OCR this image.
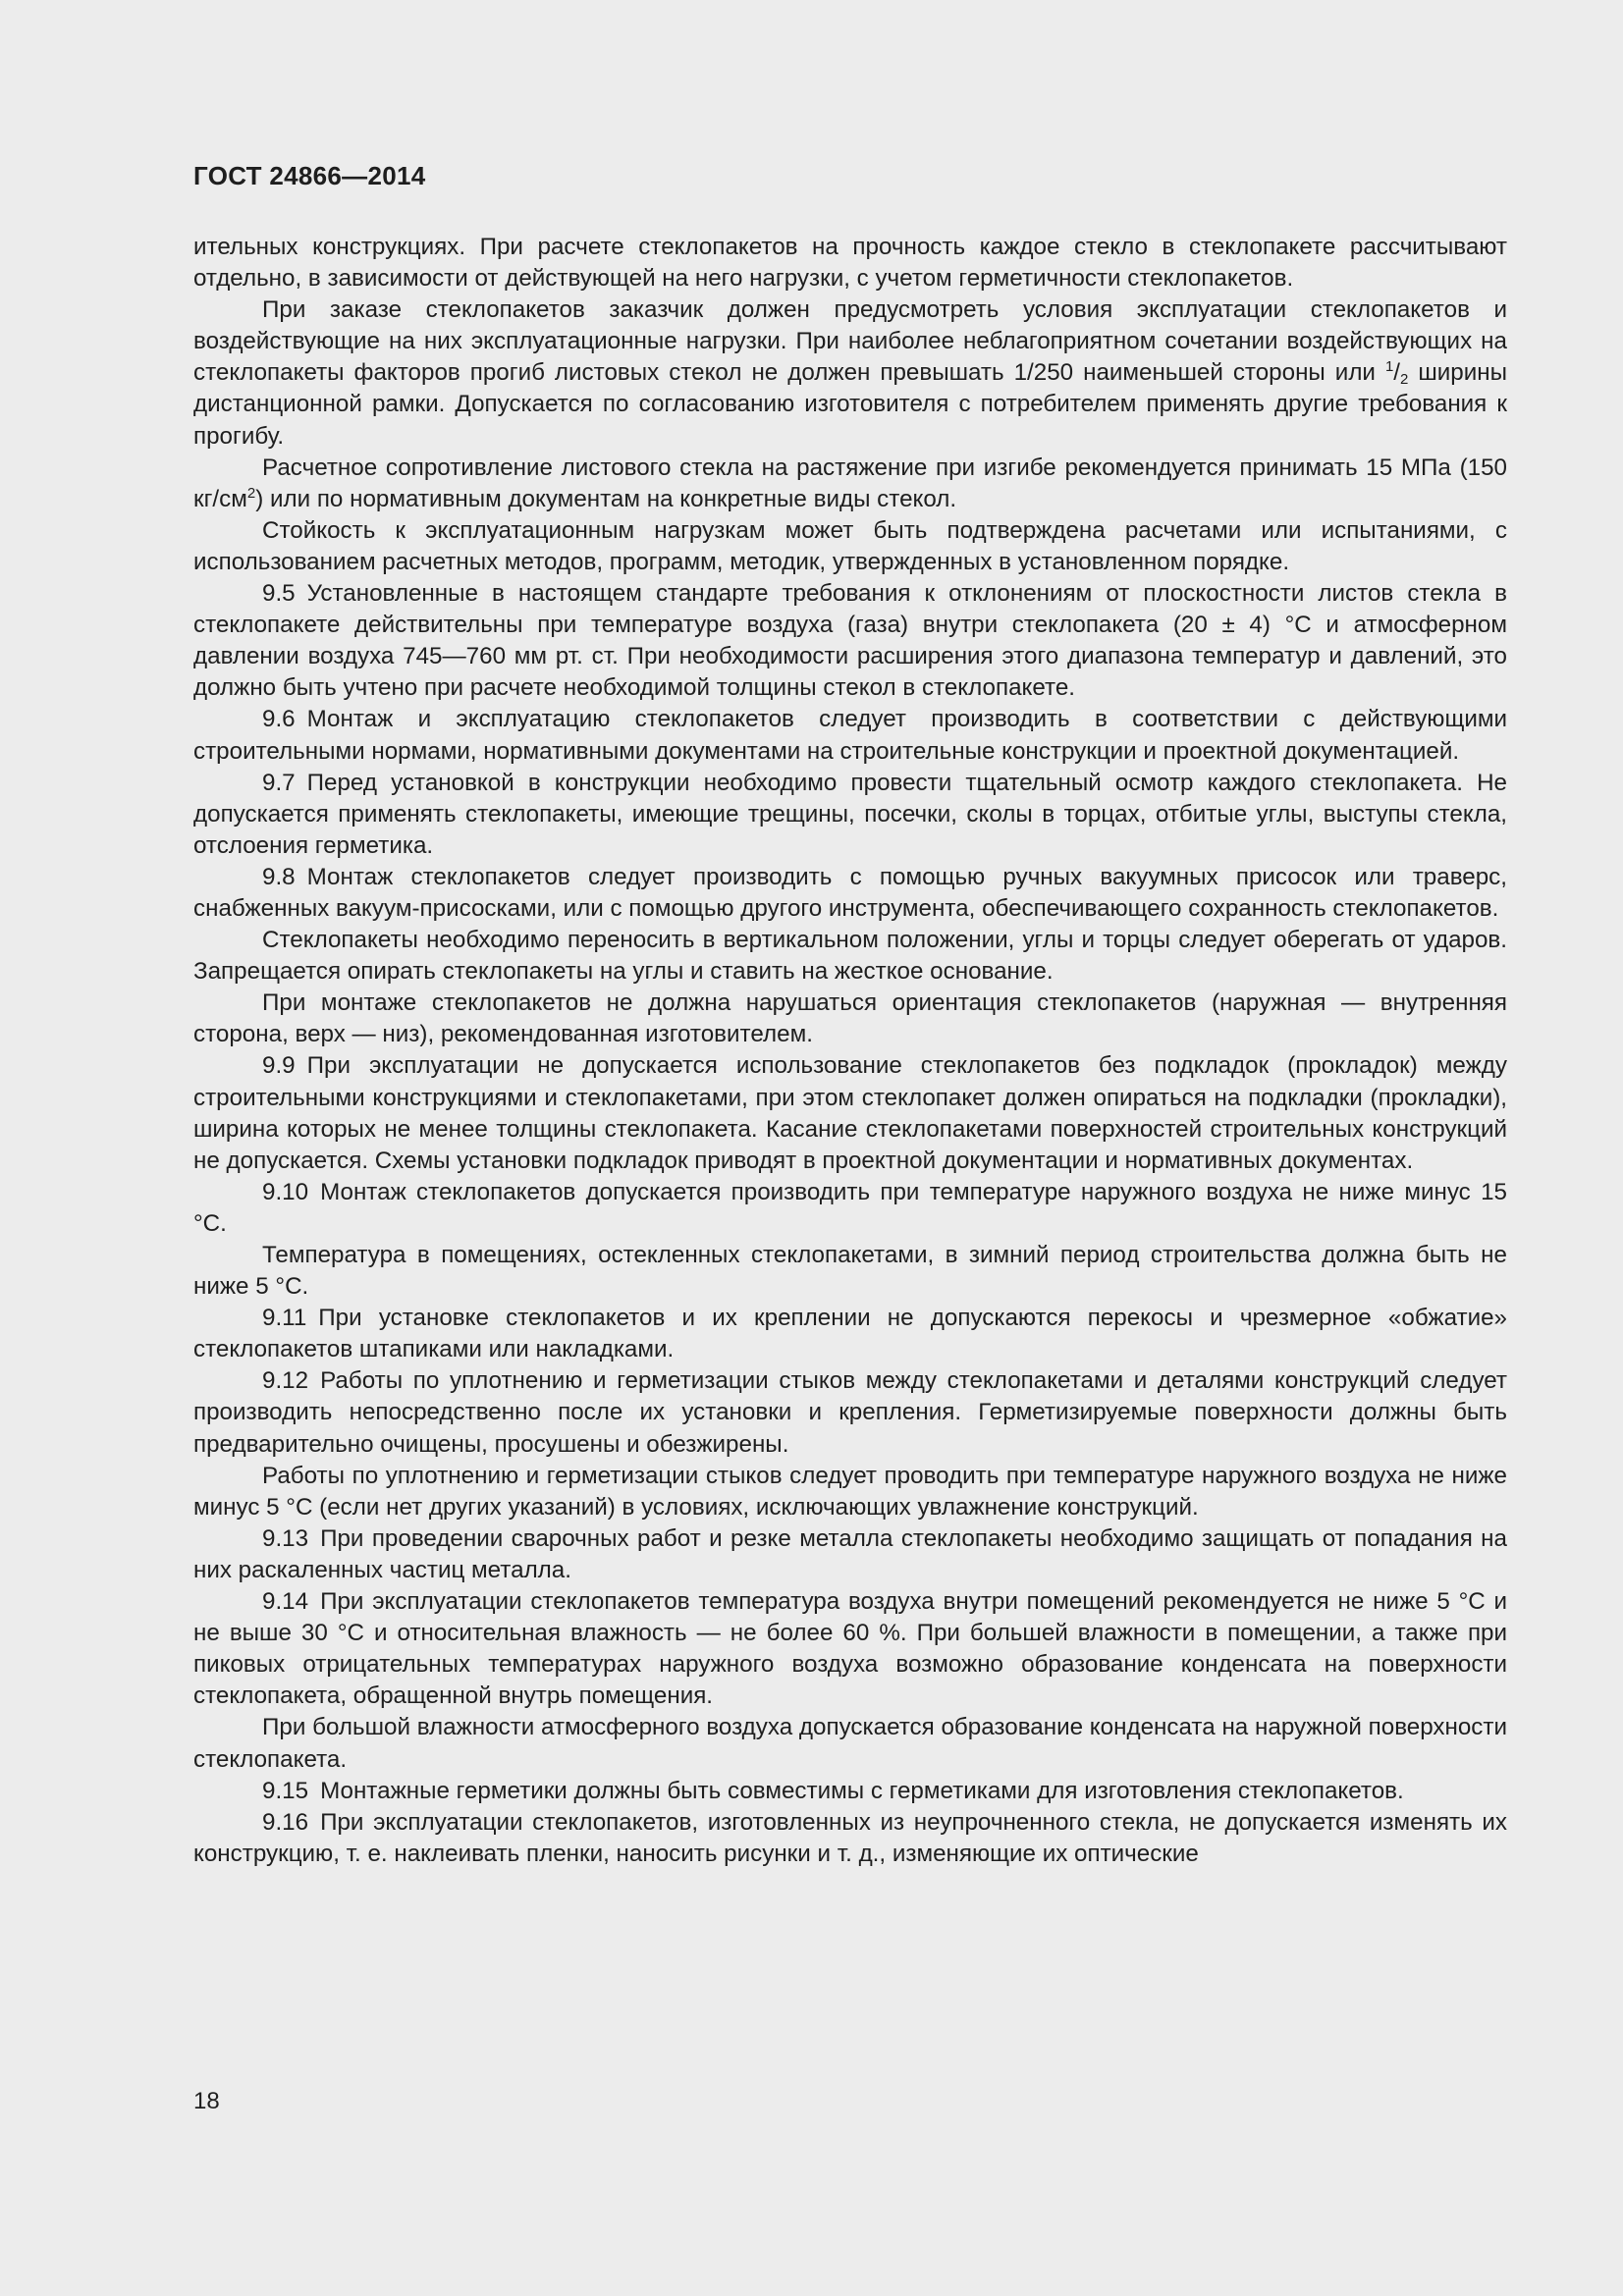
ГОСТ 24866—2014

ительных конструкциях. При расчете стеклопакетов на прочность каждое стекло в стеклопакете рассчитывают отдельно, в зависимости от действующей на него нагрузки, с учетом герметичности стеклопакетов.

При заказе стеклопакетов заказчик должен предусмотреть условия эксплуатации стеклопакетов и воздействующие на них эксплуатационные нагрузки. При наиболее неблагоприятном сочетании воздействующих на стеклопакеты факторов прогиб листовых стекол не должен превышать 1/250 наименьшей стороны или $^1/_2$ ширины дистанционной рамки. Допускается по согласованию изготовителя с потребителем применять другие требования к прогибу.

Расчетное сопротивление листового стекла на растяжение при изгибе рекомендуется принимать 15 МПа (150 $кг/см^2$) или по нормативным документам на конкретные виды стекол.

Стойкость к эксплуатационным нагрузкам может быть подтверждена расчетами или испытаниями, с использованием расчетных методов, программ, методик, утвержденных в установленном порядке.

9.5 Установленные в настоящем стандарте требования к отклонениям от плоскостности листов стекла в стеклопакете действительны при температуре воздуха (газа) внутри стеклопакета (20 ± 4) °C и атмосферном давлении воздуха 745—760 мм рт. ст. При необходимости расширения этого диапазона температур и давлений, это должно быть учтено при расчете необходимой толщины стекол в стеклопакете.

9.6 Монтаж и эксплуатацию стеклопакетов следует производить в соответствии с действующими строительными нормами, нормативными документами на строительные конструкции и проектной документацией.

9.7 Перед установкой в конструкции необходимо провести тщательный осмотр каждого стеклопакета. Не допускается применять стеклопакеты, имеющие трещины, посечки, сколы в торцах, отбитые углы, выступы стекла, отслоения герметика.

9.8 Монтаж стеклопакетов следует производить с помощью ручных вакуумных присосок или траверс, снабженных вакуум-присосками, или с помощью другого инструмента, обеспечивающего сохранность стеклопакетов.

Стеклопакеты необходимо переносить в вертикальном положении, углы и торцы следует оберегать от ударов. Запрещается опирать стеклопакеты на углы и ставить на жесткое основание.

При монтаже стеклопакетов не должна нарушаться ориентация стеклопакетов (наружная — внутренняя сторона, верх — низ), рекомендованная изготовителем.

9.9 При эксплуатации не допускается использование стеклопакетов без подкладок (прокладок) между строительными конструкциями и стеклопакетами, при этом стеклопакет должен опираться на подкладки (прокладки), ширина которых не менее толщины стеклопакета. Касание стеклопакетами поверхностей строительных конструкций не допускается. Схемы установки подкладок приводят в проектной документации и нормативных документах.

9.10 Монтаж стеклопакетов допускается производить при температуре наружного воздуха не ниже минус 15 °C.

Температура в помещениях, остекленных стеклопакетами, в зимний период строительства должна быть не ниже 5 °C.

9.11 При установке стеклопакетов и их креплении не допускаются перекосы и чрезмерное «обжатие» стеклопакетов штапиками или накладками.

9.12 Работы по уплотнению и герметизации стыков между стеклопакетами и деталями конструкций следует производить непосредственно после их установки и крепления. Герметизируемые поверхности должны быть предварительно очищены, просушены и обезжирены.

Работы по уплотнению и герметизации стыков следует проводить при температуре наружного воздуха не ниже минус 5 °C (если нет других указаний) в условиях, исключающих увлажнение конструкций.

9.13 При проведении сварочных работ и резке металла стеклопакеты необходимо защищать от попадания на них раскаленных частиц металла.

9.14 При эксплуатации стеклопакетов температура воздуха внутри помещений рекомендуется не ниже 5 °C и не выше 30 °C и относительная влажность — не более 60 %. При большей влажности в помещении, а также при пиковых отрицательных температурах наружного воздуха возможно образование конденсата на поверхности стеклопакета, обращенной внутрь помещения.

При большой влажности атмосферного воздуха допускается образование конденсата на наружной поверхности стеклопакета.

9.15 Монтажные герметики должны быть совместимы с герметиками для изготовления стеклопакетов.

9.16 При эксплуатации стеклопакетов, изготовленных из неупрочненного стекла, не допускается изменять их конструкцию, т. е. наклеивать пленки, наносить рисунки и т. д., изменяющие их оптические

18
